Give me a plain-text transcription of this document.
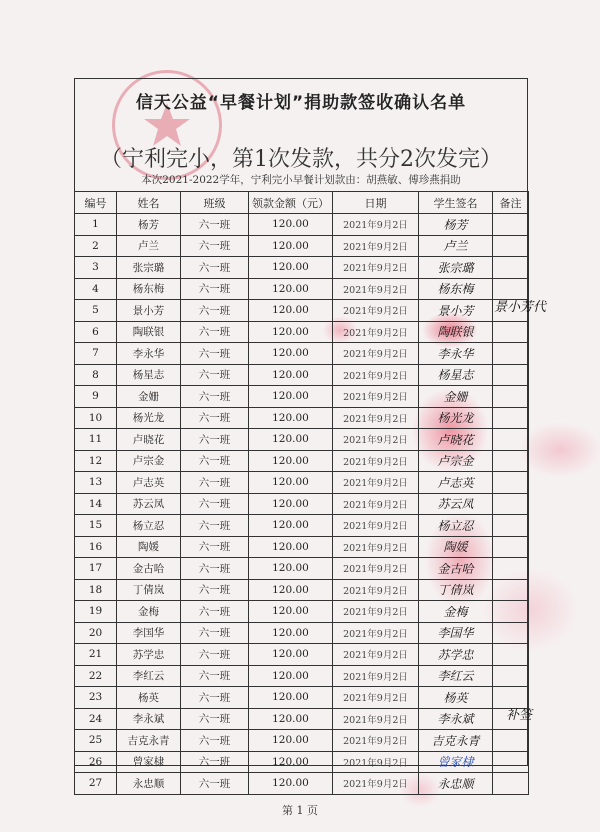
信天公益“早餐计划”捐助款签收确认名单
（宁利完小，第1次发款，共分2次发完）
本次2021-2022学年，宁利完小早餐计划款由：胡燕敏、傅珍燕捐助
编号	姓名	班级	领款金额（元）	日期	学生签名	备注
1	杨芳	六一班	120.00	2021年9月2日	杨芳	
2	卢兰	六一班	120.00	2021年9月2日	卢兰	
3	张宗璐	六一班	120.00	2021年9月2日	张宗璐	
4	杨东梅	六一班	120.00	2021年9月2日	杨东梅	
5	景小芳	六一班	120.00	2021年9月2日	景小芳	
6	陶联银	六一班	120.00	2021年9月2日	陶联银	
7	李永华	六一班	120.00	2021年9月2日	李永华	
8	杨星志	六一班	120.00	2021年9月2日	杨星志	
9	金姗	六一班	120.00	2021年9月2日	金姗	
10	杨光龙	六一班	120.00	2021年9月2日	杨光龙	
11	卢晓花	六一班	120.00	2021年9月2日	卢晓花	
12	卢宗金	六一班	120.00	2021年9月2日	卢宗金	
13	卢志英	六一班	120.00	2021年9月2日	卢志英	
14	苏云凤	六一班	120.00	2021年9月2日	苏云凤	
15	杨立忍	六一班	120.00	2021年9月2日	杨立忍	
16	陶媛	六一班	120.00	2021年9月2日	陶媛	
17	金古哈	六一班	120.00	2021年9月2日	金古哈	
18	丁倩岚	六一班	120.00	2021年9月2日	丁倩岚	
19	金梅	六一班	120.00	2021年9月2日	金梅	
20	李国华	六一班	120.00	2021年9月2日	李国华	
21	苏学忠	六一班	120.00	2021年9月2日	苏学忠	
22	李红云	六一班	120.00	2021年9月2日	李红云	
23	杨英	六一班	120.00	2021年9月2日	杨英	
24	李永斌	六一班	120.00	2021年9月2日	李永斌	
25	吉克永青	六一班	120.00	2021年9月2日	吉克永青	
26	曾家棣	六一班	120.00	2021年9月2日	曾家棣	
27	永忠顺	六一班	120.00	2021年9月2日	永忠顺	
景小芳代
补签
第 1 页
